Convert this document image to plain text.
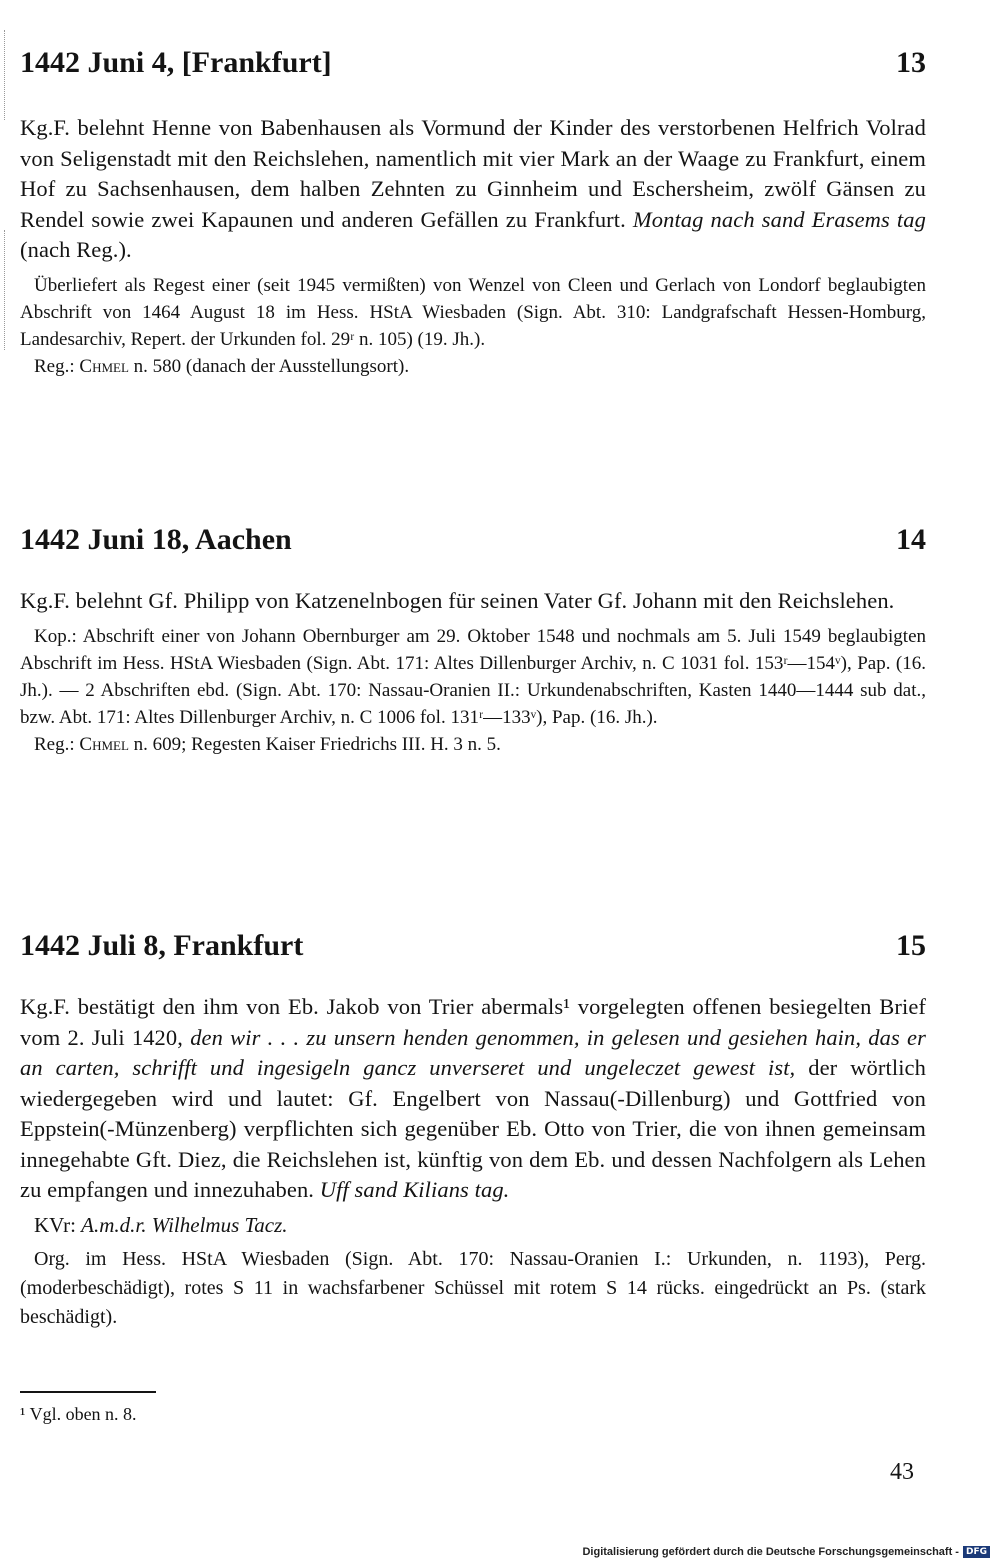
1442 Juni 4, [Frankfurt]	13

Kg.F. belehnt Henne von Babenhausen als Vormund der Kinder des verstorbenen Helfrich Volrad von Seligenstadt mit den Reichslehen, namentlich mit vier Mark an der Waage zu Frankfurt, einem Hof zu Sachsenhausen, dem halben Zehnten zu Ginnheim und Eschersheim, zwölf Gänsen zu Rendel sowie zwei Kapaunen und anderen Gefällen zu Frankfurt. Montag nach sand Erasems tag (nach Reg.).

Überliefert als Regest einer (seit 1945 vermißten) von Wenzel von Cleen und Gerlach von Londorf beglaubigten Abschrift von 1464 August 18 im Hess. HStA Wiesbaden (Sign. Abt. 310: Landgrafschaft Hessen-Homburg, Landesarchiv, Repert. der Urkunden fol. 29ʳ n. 105) (19. Jh.).

Reg.: Chmel n. 580 (danach der Ausstellungsort).

1442 Juni 18, Aachen	14

Kg.F. belehnt Gf. Philipp von Katzenelnbogen für seinen Vater Gf. Johann mit den Reichslehen.

Kop.: Abschrift einer von Johann Obernburger am 29. Oktober 1548 und nochmals am 5. Juli 1549 beglaubigten Abschrift im Hess. HStA Wiesbaden (Sign. Abt. 171: Altes Dillenburger Archiv, n. C 1031 fol. 153ʳ—154ᵛ), Pap. (16. Jh.). — 2 Abschriften ebd. (Sign. Abt. 170: Nassau-Oranien II.: Urkundenabschriften, Kasten 1440—1444 sub dat., bzw. Abt. 171: Altes Dillenburger Archiv, n. C 1006 fol. 131ʳ—133ᵛ), Pap. (16. Jh.).

Reg.: Chmel n. 609; Regesten Kaiser Friedrichs III. H. 3 n. 5.

1442 Juli 8, Frankfurt	15

Kg.F. bestätigt den ihm von Eb. Jakob von Trier abermals¹ vorgelegten offenen besiegelten Brief vom 2. Juli 1420, den wir . . . zu unsern henden genommen, in gelesen und gesiehen hain, das er an carten, schrifft und ingesigeln gancz unverseret und ungeleczet gewest ist, der wörtlich wiedergegeben wird und lautet: Gf. Engelbert von Nassau(-Dillenburg) und Gottfried von Eppstein(-Münzenberg) verpflichten sich gegenüber Eb. Otto von Trier, die von ihnen gemeinsam innegehabte Gft. Diez, die Reichslehen ist, künftig von dem Eb. und dessen Nachfolgern als Lehen zu empfangen und innezuhaben. Uff sand Kilians tag.

KVr: A.m.d.r. Wilhelmus Tacz.

Org. im Hess. HStA Wiesbaden (Sign. Abt. 170: Nassau-Oranien I.: Urkunden, n. 1193), Perg. (moderbeschädigt), rotes S 11 in wachsfarbener Schüssel mit rotem S 14 rücks. eingedrückt an Ps. (stark beschädigt).

¹ Vgl. oben n. 8.
43
Digitalisierung gefördert durch die Deutsche Forschungsgemeinschaft - DFG
